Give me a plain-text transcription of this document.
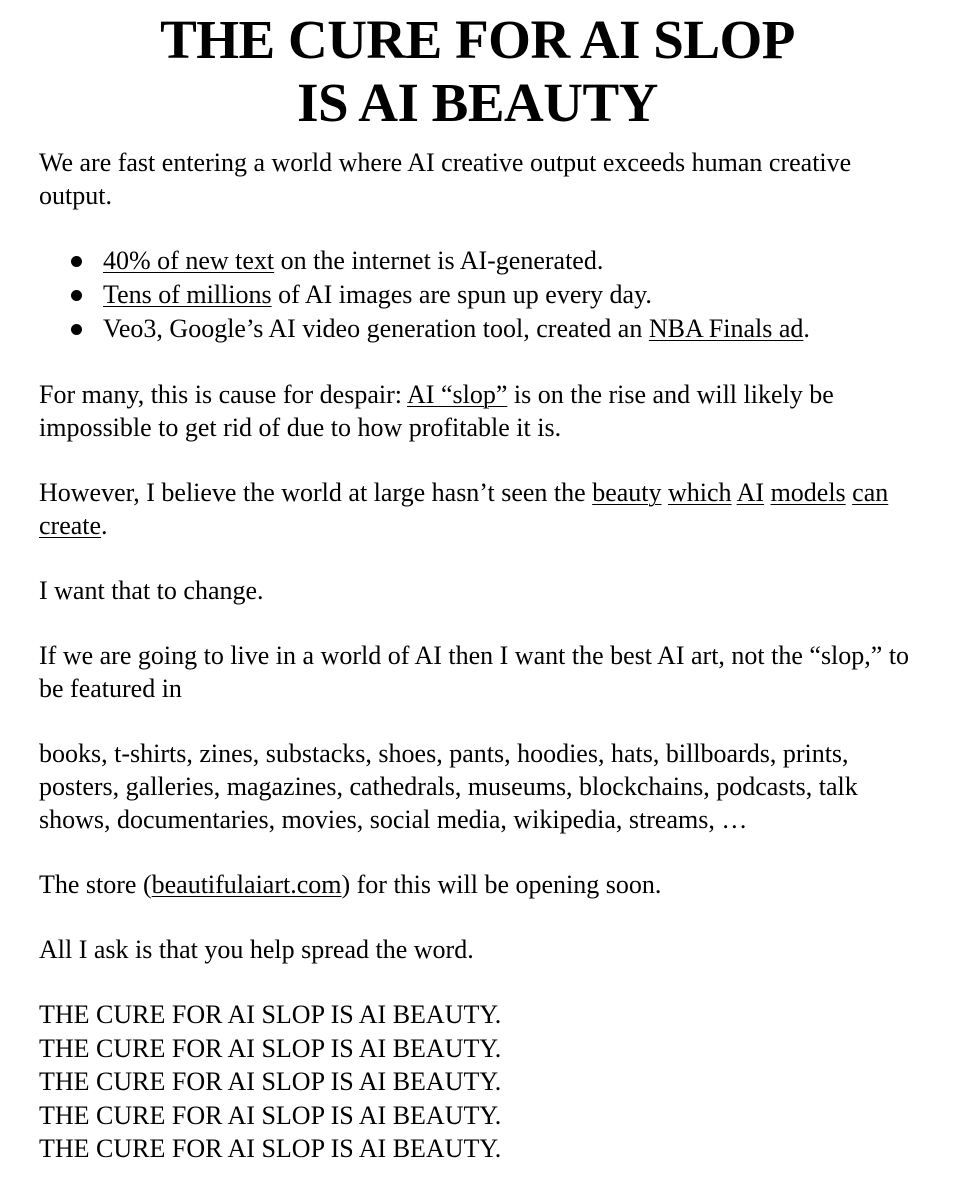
THE CURE FOR AI SLOP
IS AI BEAUTY

We are fast entering a world where AI creative output exceeds human creative output.

40% of new text on the internet is AI-generated.
Tens of millions of AI images are spun up every day.
Veo3, Google’s AI video generation tool, created an NBA Finals ad.

For many, this is cause for despair: AI “slop” is on the rise and will likely be impossible to get rid of due to how profitable it is.

However, I believe the world at large hasn’t seen the beauty which AI models can create.

I want that to change.

If we are going to live in a world of AI then I want the best AI art, not the “slop,” to be featured in

books, t-shirts, zines, substacks, shoes, pants, hoodies, hats, billboards, prints, posters, galleries, magazines, cathedrals, museums, blockchains, podcasts, talk shows, documentaries, movies, social media, wikipedia, streams, …

The store (beautifulaiart.com) for this will be opening soon.

All I ask is that you help spread the word.

THE CURE FOR AI SLOP IS AI BEAUTY.

THE CURE FOR AI SLOP IS AI BEAUTY.

THE CURE FOR AI SLOP IS AI BEAUTY.

THE CURE FOR AI SLOP IS AI BEAUTY.

THE CURE FOR AI SLOP IS AI BEAUTY.
